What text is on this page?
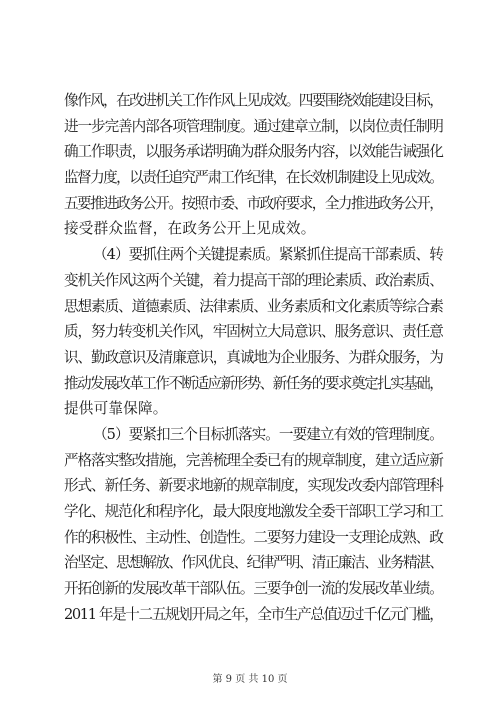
像作风，在改进机关工作作风上见成效。四要围绕效能建设目标，
进一步完善内部各项管理制度。通过建章立制，以岗位责任制明
确工作职责，以服务承诺明确为群众服务内容，以效能告诫强化
监督力度，以责任追究严肃工作纪律，在长效机制建设上见成效。
五要推进政务公开。按照市委、市政府要求，全力推进政务公开，
接受群众监督，在政务公开上见成效。
（4）要抓住两个关键提素质。紧紧抓住提高干部素质、转
变机关作风这两个关键，着力提高干部的理论素质、政治素质、
思想素质、道德素质、法律素质、业务素质和文化素质等综合素
质，努力转变机关作风，牢固树立大局意识、服务意识、责任意
识、勤政意识及清廉意识，真诚地为企业服务、为群众服务，为
推动发展改革工作不断适应新形势、新任务的要求奠定扎实基础，
提供可靠保障。
（5）要紧扣三个目标抓落实。一要建立有效的管理制度。
严格落实整改措施，完善梳理全委已有的规章制度，建立适应新
形式、新任务、新要求地新的规章制度，实现发改委内部管理科
学化、规范化和程序化，最大限度地激发全委干部职工学习和工
作的积极性、主动性、创造性。二要努力建设一支理论成熟、政
治坚定、思想解放、作风优良、纪律严明、清正廉洁、业务精湛、
开拓创新的发展改革干部队伍。三要争创一流的发展改革业绩。
2011 年是十二五规划开局之年，全市生产总值迈过千亿元门槛，
第 9 页 共 10 页
